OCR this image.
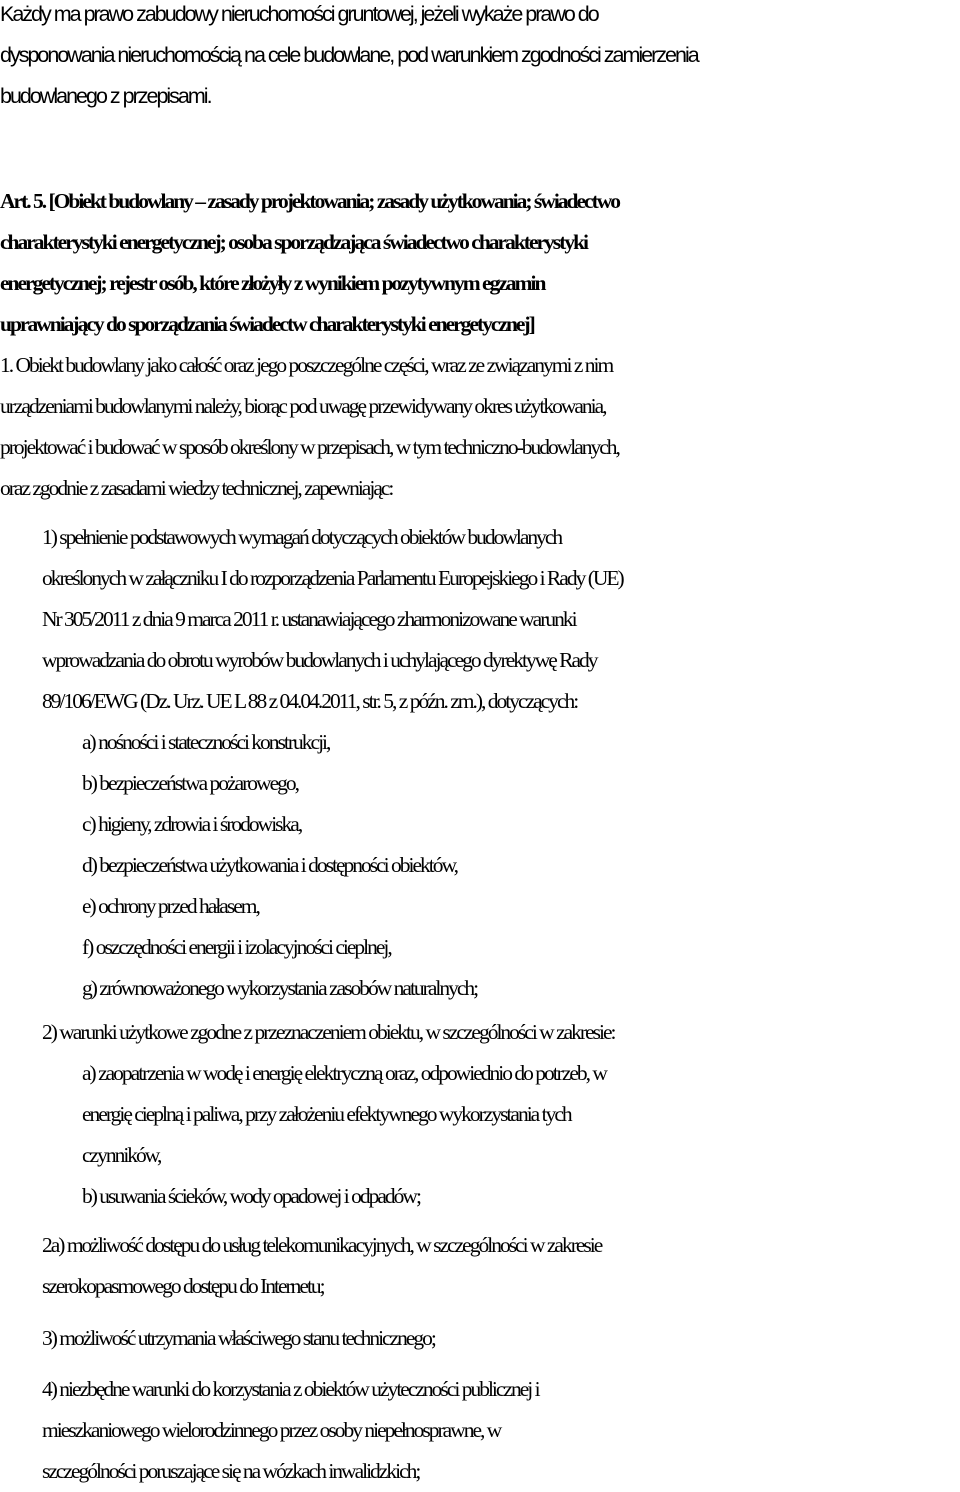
Każdy ma prawo zabudowy nieruchomości gruntowej, jeżeli wykaże prawo do
dysponowania nieruchomością na cele budowlane, pod warunkiem zgodności zamierzenia
budowlanego z przepisami.
Art. 5. [Obiekt budowlany – zasady projektowania; zasady użytkowania; świadectwo
charakterystyki energetycznej; osoba sporządzająca świadectwo charakterystyki
energetycznej; rejestr osób, które złożyły z wynikiem pozytywnym egzamin
uprawniający do sporządzania świadectw charakterystyki energetycznej]
1. Obiekt budowlany jako całość oraz jego poszczególne części, wraz ze związanymi z nim
urządzeniami budowlanymi należy, biorąc pod uwagę przewidywany okres użytkowania,
projektować i budować w sposób określony w przepisach, w tym techniczno-budowlanych,
oraz zgodnie z zasadami wiedzy technicznej, zapewniając:
1) spełnienie podstawowych wymagań dotyczących obiektów budowlanych
określonych w załączniku I do rozporządzenia Parlamentu Europejskiego i Rady (UE)
Nr 305/2011 z dnia 9 marca 2011 r. ustanawiającego zharmonizowane warunki
wprowadzania do obrotu wyrobów budowlanych i uchylającego dyrektywę Rady
89/106/EWG (Dz. Urz. UE L 88 z 04.04.2011, str. 5, z późn. zm.), dotyczących:
a) nośności i stateczności konstrukcji,
b) bezpieczeństwa pożarowego,
c) higieny, zdrowia i środowiska,
d) bezpieczeństwa użytkowania i dostępności obiektów,
e) ochrony przed hałasem,
f) oszczędności energii i izolacyjności cieplnej,
g) zrównoważonego wykorzystania zasobów naturalnych;
2) warunki użytkowe zgodne z przeznaczeniem obiektu, w szczególności w zakresie:
a) zaopatrzenia w wodę i energię elektryczną oraz, odpowiednio do potrzeb, w
energię cieplną i paliwa, przy założeniu efektywnego wykorzystania tych
czynników,
b) usuwania ścieków, wody opadowej i odpadów;
2a) możliwość dostępu do usług telekomunikacyjnych, w szczególności w zakresie
szerokopasmowego dostępu do Internetu;
3) możliwość utrzymania właściwego stanu technicznego;
4) niezbędne warunki do korzystania z obiektów użyteczności publicznej i
mieszkaniowego wielorodzinnego przez osoby niepełnosprawne, w
szczególności poruszające się na wózkach inwalidzkich;
